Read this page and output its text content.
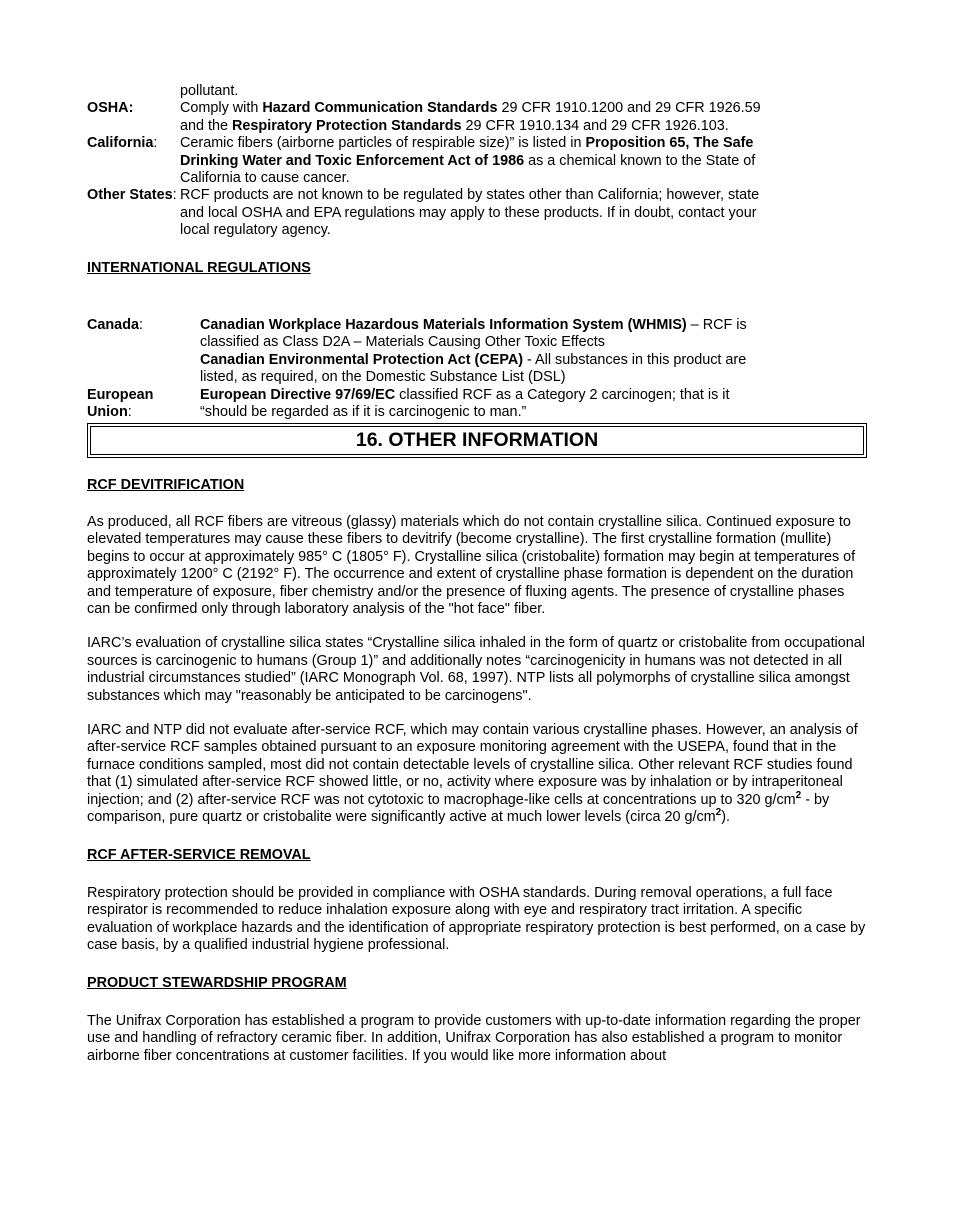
pollutant.
OSHA:	Comply with Hazard Communication Standards 29 CFR 1910.1200 and 29 CFR 1926.59 and the Respiratory Protection Standards 29 CFR 1910.134 and 29 CFR 1926.103.
California:	Ceramic fibers (airborne particles of respirable size)” is listed in Proposition 65, The Safe Drinking Water and Toxic Enforcement Act of 1986 as a chemical known to the State of California to cause cancer.
Other States: RCF products are not known to be regulated by states other than California; however, state and local OSHA and EPA regulations may apply to these products. If in doubt, contact your local regulatory agency.
INTERNATIONAL REGULATIONS
Canada:	Canadian Workplace Hazardous Materials Information System (WHMIS) – RCF is classified as Class D2A – Materials Causing Other Toxic Effects

Canadian Environmental Protection Act (CEPA) - All substances in this product are listed, as required, on the Domestic Substance List (DSL)

European Union:
European Directive 97/69/EC classified RCF as a Category 2 carcinogen; that is it “should be regarded as if it is carcinogenic to man.”
16. OTHER INFORMATION
RCF DEVITRIFICATION

As produced, all RCF fibers are vitreous (glassy) materials which do not contain crystalline silica. Continued exposure to elevated temperatures may cause these fibers to devitrify (become crystalline). The first crystalline formation (mullite) begins to occur at approximately 985° C (1805° F). Crystalline silica (cristobalite) formation may begin at temperatures of approximately 1200° C (2192° F). The occurrence and extent of crystalline phase formation is dependent on the duration and temperature of exposure, fiber chemistry and/or the presence of fluxing agents. The presence of crystalline phases can be confirmed only through laboratory analysis of the "hot face" fiber.

IARC’s evaluation of crystalline silica states “Crystalline silica inhaled in the form of quartz or cristobalite from occupational sources is carcinogenic to humans (Group 1)” and additionally notes “carcinogenicity in humans was not detected in all industrial circumstances studied” (IARC Monograph Vol. 68, 1997). NTP lists all polymorphs of crystalline silica amongst substances which may "reasonably be anticipated to be carcinogens".

IARC and NTP did not evaluate after-service RCF, which may contain various crystalline phases. However, an analysis of after-service RCF samples obtained pursuant to an exposure monitoring agreement with the USEPA, found that in the furnace conditions sampled, most did not contain detectable levels of crystalline silica. Other relevant RCF studies found that (1) simulated after-service RCF showed little, or no, activity where exposure was by inhalation or by intraperitoneal injection; and (2) after-service RCF was not cytotoxic to macrophage-like cells at concentrations up to 320 $g/cm^2$ - by comparison, pure quartz or cristobalite were significantly active at much lower levels (circa 20 $g/cm^2$).

RCF AFTER-SERVICE REMOVAL

Respiratory protection should be provided in compliance with OSHA standards. During removal operations, a full face respirator is recommended to reduce inhalation exposure along with eye and respiratory tract irritation. A specific evaluation of workplace hazards and the identification of appropriate respiratory protection is best performed, on a case by case basis, by a qualified industrial hygiene professional.

PRODUCT STEWARDSHIP PROGRAM

The Unifrax Corporation has established a program to provide customers with up-to-date information regarding the proper use and handling of refractory ceramic fiber. In addition, Unifrax Corporation has also established a program to monitor airborne fiber concentrations at customer facilities. If you would like more information about
